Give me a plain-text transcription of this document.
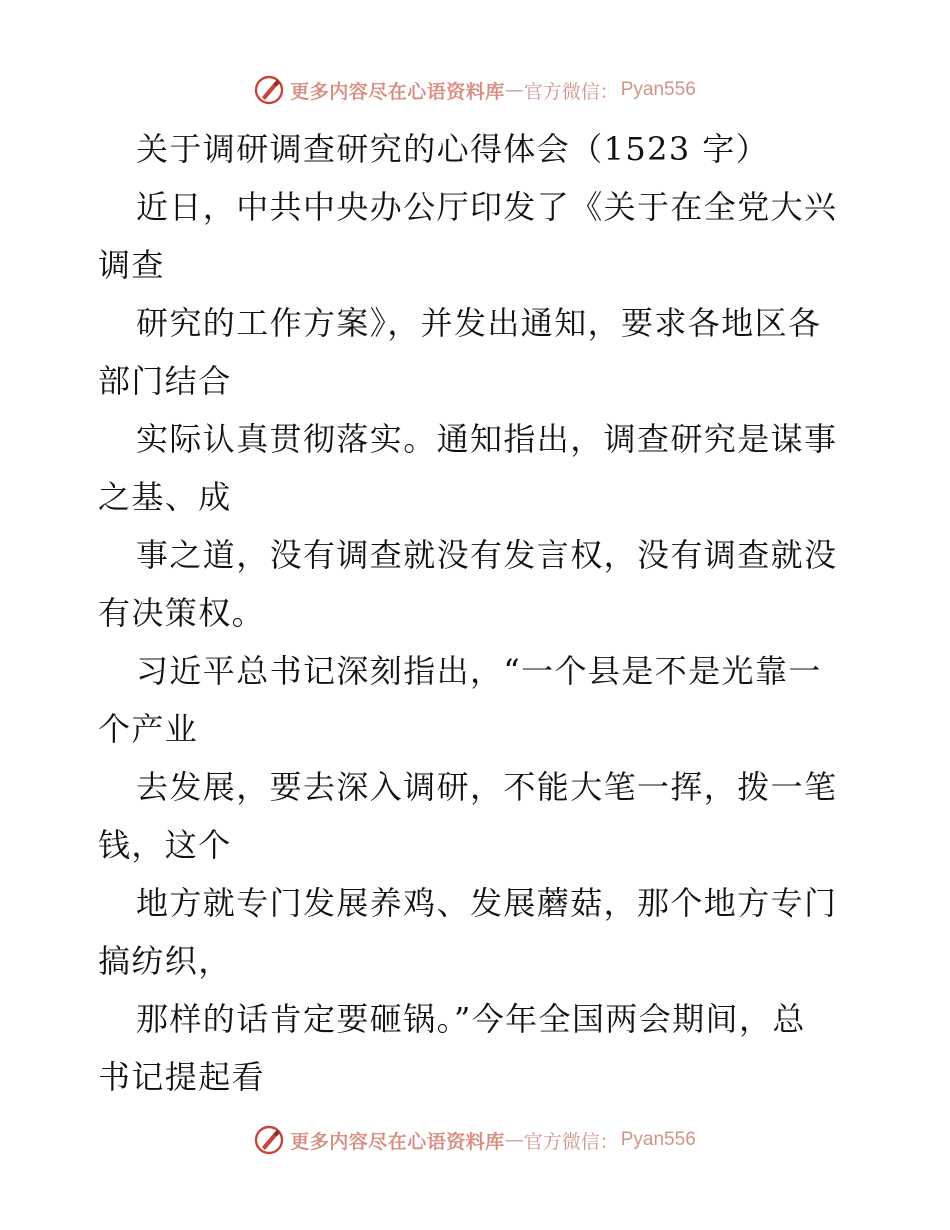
更多内容尽在心语资料库 — 官方微信： Pyan556
关于调研调查研究的心得体会（1523 字）
近日，中共中央办公厅印发了《关于在全党大兴
调查
研究的工作方案》，并发出通知，要求各地区各
部门结合
实际认真贯彻落实。通知指出，调查研究是谋事
之基、成
事之道，没有调查就没有发言权，没有调查就没
有决策权。
习近平总书记深刻指出，“一个县是不是光靠一
个产业
去发展，要去深入调研，不能大笔一挥，拨一笔
钱，这个
地方就专门发展养鸡、发展蘑菇，那个地方专门
搞纺织，
那样的话肯定要砸锅。”今年全国两会期间，总
书记提起看
更多内容尽在心语资料库 — 官方微信： Pyan556
